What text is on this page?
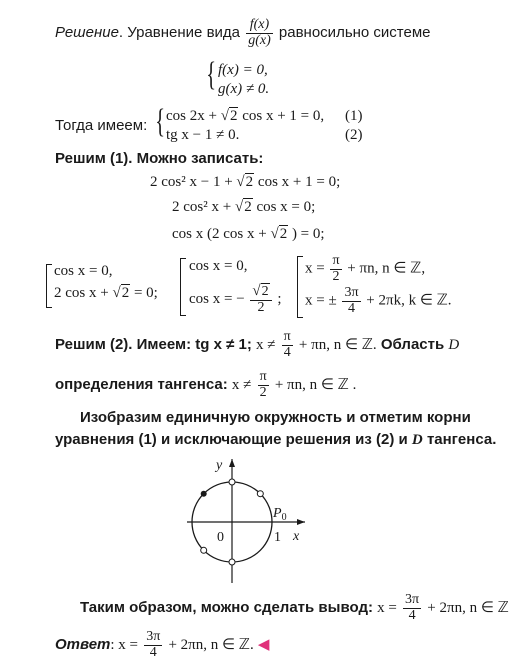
Решение. Уравнение вида $\frac{f(x)}{g(x)}$ равносильно системе
{ f(x) = 0,
g(x) ≠ 0.
Тогда имеем: { cos 2x + √2 cos x + 1 = 0, (1)
tg x − 1 ≠ 0.	(2)
Решим (1). Можно записать:
2 cos² x − 1 + √2 cos x + 1 = 0;
2 cos² x + √2 cos x = 0;
cos x (2 cos x + √2 ) = 0;
cos x = 0,
2 cos x + √2 = 0;
cos x = 0,
cos x = − $\frac{√2}{2}$ ;
$x = \frac{\pi}{2} + \pi n$, n ∈ ℤ,
x = ± $\frac{3\pi}{4} + 2\pi k$, k ∈ ℤ.
Решим (2). Имеем: tg x ≠ 1; $x \ne \frac{\pi}{4} + \pi n$, n ∈ ℤ. Область D
определения тангенса: $x \ne \frac{\pi}{2} + \pi n$, n ∈ ℤ .
Изобразим единичную окружность и отметим корни
уравнения (1) и исключающие решения из (2) и D тангенса.
y
x
0	1
$P_0$
Таким образом, можно сделать вывод: $x = \frac{3\pi}{4} + 2\pi n$, n ∈ ℤ
Ответ: $x = \frac{3\pi}{4} + 2\pi n$, n ∈ ℤ. ◀
